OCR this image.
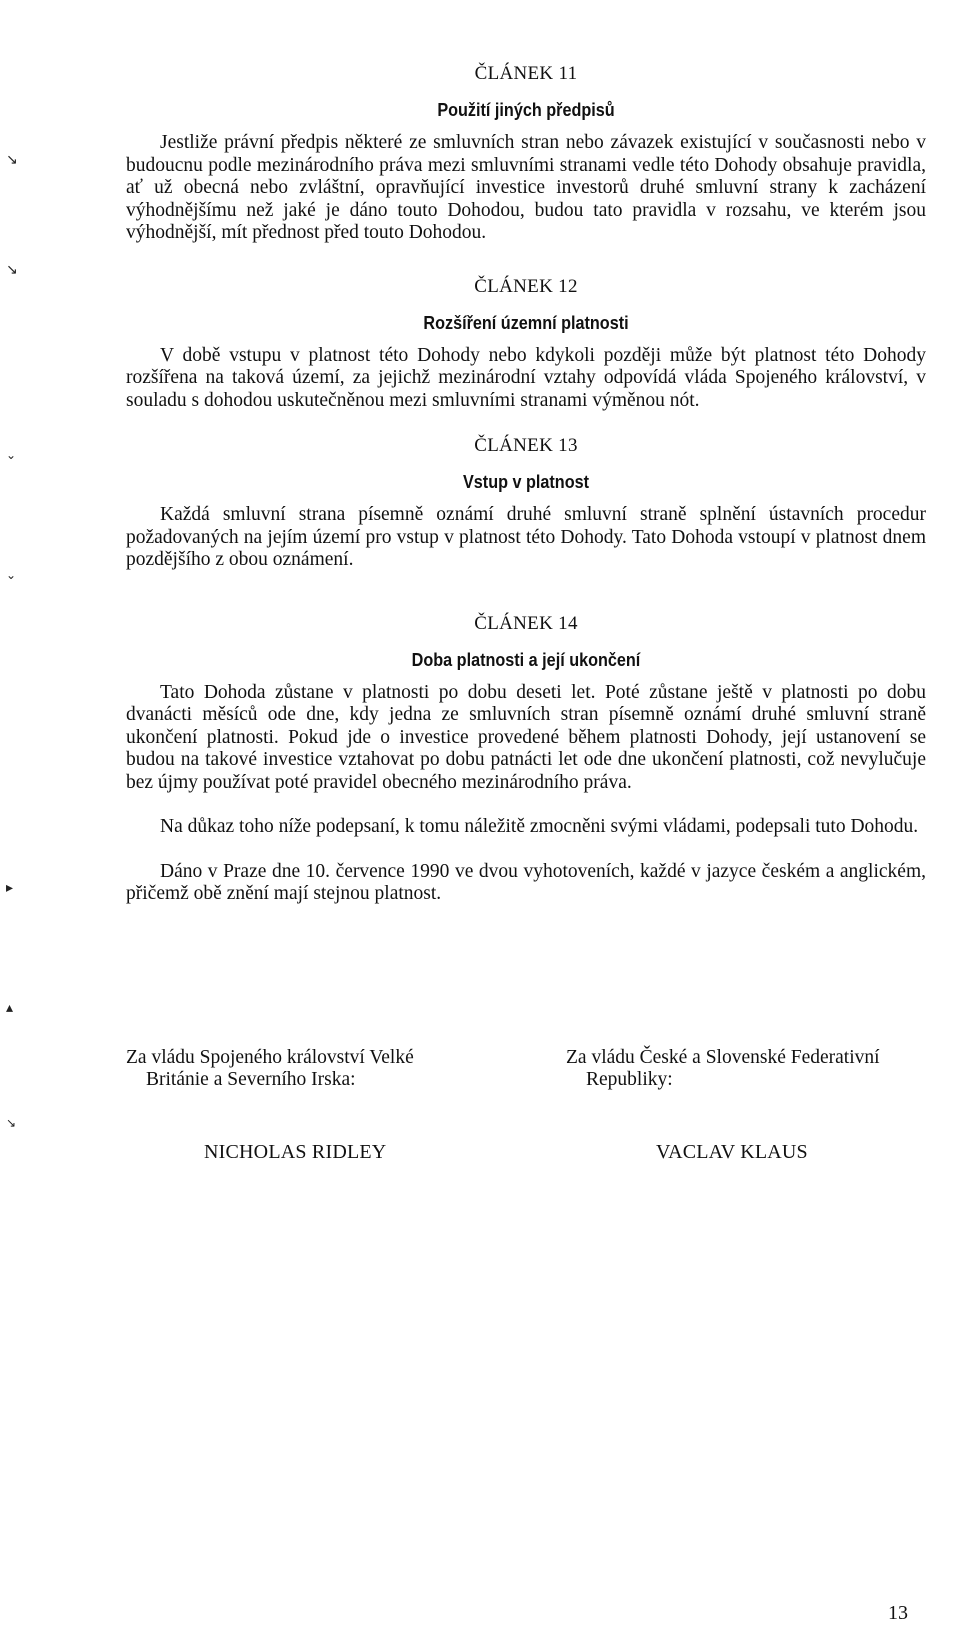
↘
↘
⌄
⌄
▸
▴
↘

ČLÁNEK 11

Použití jiných předpisů

Jestliže právní předpis některé ze smluvních stran nebo závazek existující v současnosti nebo v budoucnu podle mezinárodního práva mezi smluvními stranami vedle této Dohody obsahuje pravidla, ať už obecná nebo zvláštní, opravňující investice investorů druhé smluvní strany k zacházení výhodnějšímu než jaké je dáno touto Dohodou, budou tato pravidla v rozsahu, ve kterém jsou výhodnější, mít přednost před touto Dohodou.

ČLÁNEK 12

Rozšíření územní platnosti

V době vstupu v platnost této Dohody nebo kdykoli později může být platnost této Dohody rozšířena na taková území, za jejichž mezinárodní vztahy odpovídá vláda Spojeného království, v souladu s dohodou uskutečněnou mezi smluvními stranami výměnou nót.

ČLÁNEK 13

Vstup v platnost

Každá smluvní strana písemně oznámí druhé smluvní straně splnění ústavních procedur požadovaných na jejím území pro vstup v platnost této Dohody. Tato Dohoda vstoupí v platnost dnem pozdějšího z obou oznámení.

ČLÁNEK 14

Doba platnosti a její ukončení

Tato Dohoda zůstane v platnosti po dobu deseti let. Poté zůstane ještě v platnosti po dobu dvanácti měsíců ode dne, kdy jedna ze smluvních stran písemně oznámí druhé smluvní straně ukončení platnosti. Pokud jde o investice provedené během platnosti Dohody, její ustanovení se budou na takové investice vztahovat po dobu patnácti let ode dne ukončení platnosti, což nevylučuje bez újmy používat poté pravidel obecného mezinárodního práva.

Na důkaz toho níže podepsaní, k tomu náležitě zmocněni svými vládami, podepsali tuto Dohodu.

Dáno v Praze dne 10. července 1990 ve dvou vyhotoveních, každé v jazyce českém a anglickém, přičemž obě znění mají stejnou platnost.

Za vládu Spojeného království Velké
Británie a Severního Irska:
Za vládu České a Slovenské Federativní
Republiky:
NICHOLAS RIDLEY	VACLAV KLAUS
13
